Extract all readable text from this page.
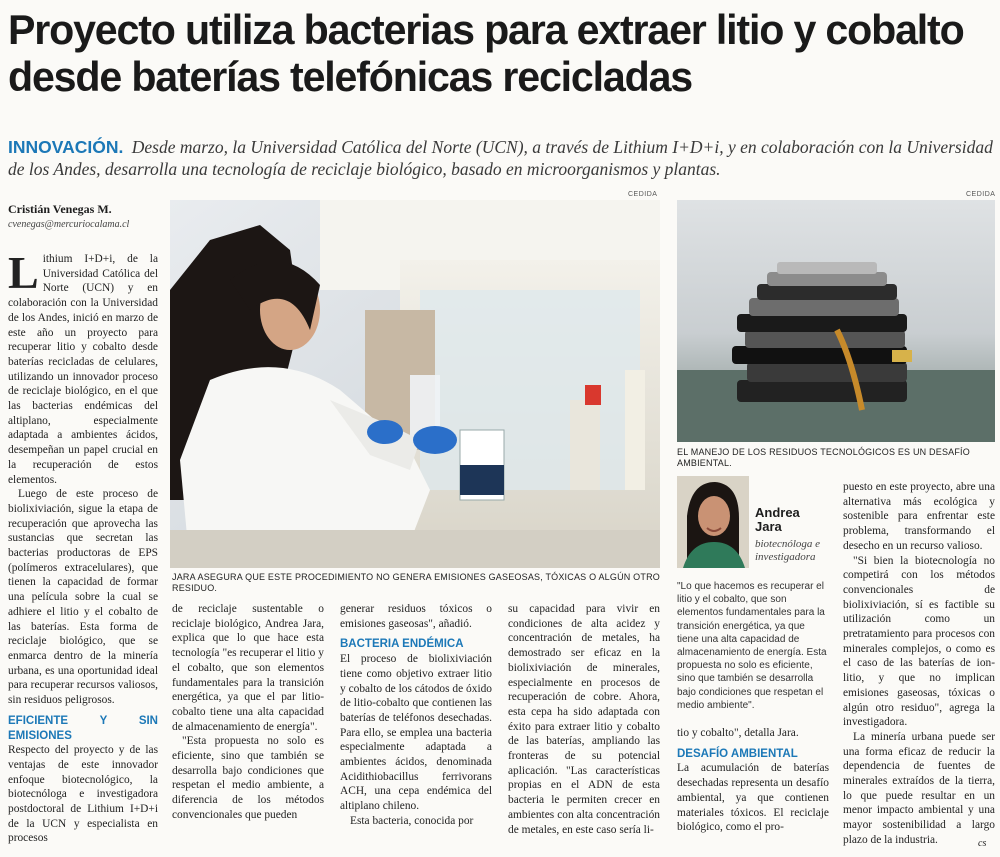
Proyecto utiliza bacterias para extraer litio y cobalto desde baterías telefónicas recicladas
INNOVACIÓN. Desde marzo, la Universidad Católica del Norte (UCN), a través de Lithium I+D+i, y en colaboración con la Universidad de los Andes, desarrolla una tecnología de reciclaje biológico, basado en microorganismos y plantas.
Cristián Venegas M.
cvenegas@mercuriocalama.cl

Lithium I+D+i, de la Universidad Católica del Norte (UCN) y en colaboración con la Universidad de los Andes, inició en marzo de este año un proyecto para recuperar litio y cobalto desde baterías recicladas de celulares, utilizando un innovador proceso de reciclaje biológico, en el que las bacterias endémicas del altiplano, especialmente adaptada a ambientes ácidos, desempeñan un papel crucial en la recuperación de estos elementos.

Luego de este proceso de biolixiviación, sigue la etapa de recuperación que aprovecha las sustancias que secretan las bacterias productoras de EPS (polímeros extracelulares), que tienen la capacidad de formar una película sobre la cual se adhiere el litio y el cobalto de las baterías. Esta forma de reciclaje biológico, que se enmarca dentro de la minería urbana, es una oportunidad ideal para recuperar recursos valiosos, sin residuos peligrosos.

EFICIENTE Y SIN EMISIONES

Respecto del proyecto y de las ventajas de este innovador enfoque biotecnológico, la biotecnóloga e investigadora postdoctoral de Lithium I+D+i de la UCN y especialista en procesos

CEDIDA
JARA ASEGURA QUE ESTE PROCEDIMIENTO NO GENERA EMISIONES GASEOSAS, TÓXICAS O ALGÚN OTRO RESIDUO.

de reciclaje sustentable o reciclaje biológico, Andrea Jara, explica que lo que hace esta tecnología "es recuperar el litio y el cobalto, que son elementos fundamentales para la transición energética, ya que el par litio-cobalto tiene una alta capacidad de almacenamiento de energía".

"Esta propuesta no solo es eficiente, sino que también se desarrolla bajo condiciones que respetan el medio ambiente, a diferencia de los métodos convencionales que pueden

generar residuos tóxicos o emisiones gaseosas", añadió.

BACTERIA ENDÉMICA

El proceso de biolixiviación tiene como objetivo extraer litio y cobalto de los cátodos de óxido de litio-cobalto que contienen las baterías de teléfonos desechadas. Para ello, se emplea una bacteria especialmente adaptada a ambientes ácidos, denominada Acidithiobacillus ferrivorans ACH, una cepa endémica del altiplano chileno.

Esta bacteria, conocida por

su capacidad para vivir en condiciones de alta acidez y concentración de metales, ha demostrado ser eficaz en la biolixiviación de minerales, especialmente en procesos de recuperación de cobre. Ahora, esta cepa ha sido adaptada con éxito para extraer litio y cobalto de las baterías, ampliando las fronteras de su potencial aplicación. "Las características propias en el ADN de esta bacteria le permiten crecer en ambientes con alta concentración de metales, en este caso sería li-

CEDIDA
EL MANEJO DE LOS RESIDUOS TECNOLÓGICOS ES UN DESAFÍO AMBIENTAL.
Andrea Jara
biotecnóloga e investigadora
"Lo que hacemos es recuperar el litio y el cobalto, que son elementos fundamentales para la transición energética, ya que tiene una alta capacidad de almacenamiento de energía. Esta propuesta no solo es eficiente, sino que también se desarrolla bajo condiciones que respetan el medio ambiente".

tio y cobalto", detalla Jara.

DESAFÍO AMBIENTAL

La acumulación de baterías desechadas representa un desafío ambiental, ya que contienen materiales tóxicos. El reciclaje biológico, como el pro-

puesto en este proyecto, abre una alternativa más ecológica y sostenible para enfrentar este problema, transformando el desecho en un recurso valioso.

"Si bien la biotecnología no competirá con los métodos convencionales de biolixiviación, sí es factible su utilización como un pretratamiento para procesos con minerales complejos, o como es el caso de las baterías de ion-litio, y que no implican emisiones gaseosas, tóxicas o algún otro residuo", agrega la investigadora.

La minería urbana puede ser una forma eficaz de reducir la dependencia de fuentes de minerales extraídos de la tierra, lo que puede resultar en un menor impacto ambiental y una mayor sostenibilidad a largo plazo de la industria.	cs
